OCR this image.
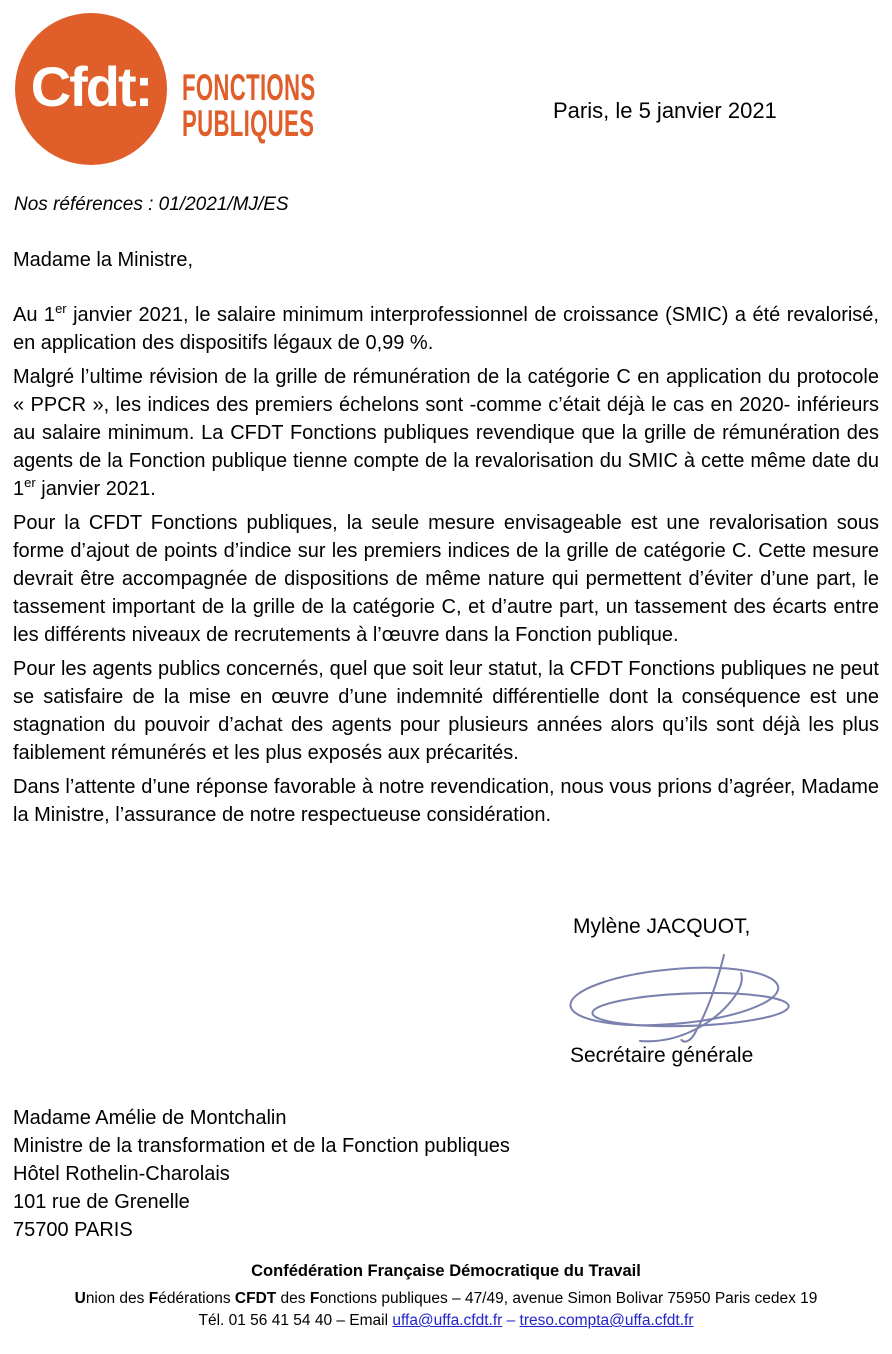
Cfdt: FONCTIONS
PUBLIQUES	Paris, le 5 janvier 2021
Nos références : 01/2021/MJ/ES

Madame la Ministre,

Au 1er janvier 2021, le salaire minimum interprofessionnel de croissance (SMIC) a été revalorisé, en application des dispositifs légaux de 0,99 %.

Malgré l’ultime révision de la grille de rémunération de la catégorie C en application du protocole « PPCR », les indices des premiers échelons sont -comme c’était déjà le cas en 2020- inférieurs au salaire minimum. La CFDT Fonctions publiques revendique que la grille de rémunération des agents de la Fonction publique tienne compte de la revalorisation du SMIC à cette même date du 1er janvier 2021.

Pour la CFDT Fonctions publiques, la seule mesure envisageable est une revalorisation sous forme d’ajout de points d’indice sur les premiers indices de la grille de catégorie C. Cette mesure devrait être accompagnée de dispositions de même nature qui permettent d’éviter d’une part, le tassement important de la grille de la catégorie C, et d’autre part, un tassement des écarts entre les différents niveaux de recrutements à l’œuvre dans la Fonction publique.

Pour les agents publics concernés, quel que soit leur statut, la CFDT Fonctions publiques ne peut se satisfaire de la mise en œuvre d’une indemnité différentielle dont la conséquence est une stagnation du pouvoir d’achat des agents pour plusieurs années alors qu’ils sont déjà les plus faiblement rémunérés et les plus exposés aux précarités.

Dans l’attente d’une réponse favorable à notre revendication, nous vous prions d’agréer, Madame la Ministre, l’assurance de notre respectueuse considération.

Mylène JACQUOT,
Secrétaire générale
Madame Amélie de Montchalin
Ministre de la transformation et de la Fonction publiques
Hôtel Rothelin-Charolais
101 rue de Grenelle
75700 PARIS
Confédération Française Démocratique du Travail
Union des Fédérations CFDT des Fonctions publiques – 47/49, avenue Simon Bolivar 75950 Paris cedex 19
Tél. 01 56 41 54 40 – Email uffa@uffa.cfdt.fr – treso.compta@uffa.cfdt.fr
